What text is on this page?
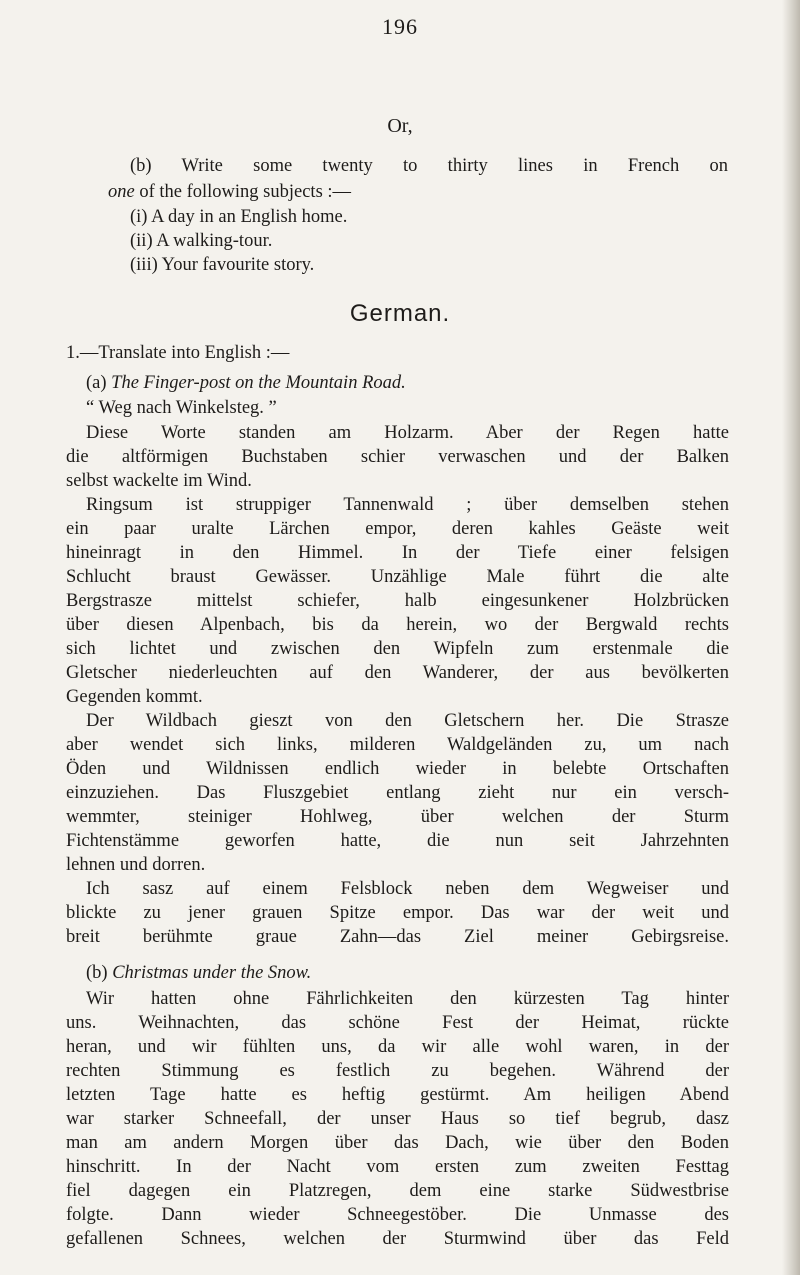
196
Or,
(b) Write some twenty to thirty lines in French on
one of the following subjects :—
(i) A day in an English home.
(ii) A walking-tour.
(iii) Your favourite story.
German.
1.—Translate into English :—
(a) The Finger-post on the Mountain Road.
“ Weg nach Winkelsteg. ”
Diese Worte standen am Holzarm. Aber der Regen hatte
die altförmigen Buchstaben schier verwaschen und der Balken
selbst wackelte im Wind.
Ringsum ist struppiger Tannenwald ; über demselben stehen
ein paar uralte Lärchen empor, deren kahles Geäste weit
hineinragt in den Himmel. In der Tiefe einer felsigen
Schlucht braust Gewässer. Unzählige Male führt die alte
Bergstrasze mittelst schiefer, halb eingesunkener Holzbrücken
über diesen Alpenbach, bis da herein, wo der Bergwald rechts
sich lichtet und zwischen den Wipfeln zum erstenmale die
Gletscher niederleuchten auf den Wanderer, der aus bevölkerten
Gegenden kommt.
Der Wildbach gieszt von den Gletschern her. Die Strasze
aber wendet sich links, milderen Waldgeländen zu, um nach
Öden und Wildnissen endlich wieder in belebte Ortschaften
einzuziehen. Das Fluszgebiet entlang zieht nur ein versch-
wemmter, steiniger Hohlweg, über welchen der Sturm
Fichtenstämme geworfen hatte, die nun seit Jahrzehnten
lehnen und dorren.
Ich sasz auf einem Felsblock neben dem Wegweiser und
blickte zu jener grauen Spitze empor. Das war der weit und
breit berühmte graue Zahn—das Ziel meiner Gebirgsreise.
(b) Christmas under the Snow.
Wir hatten ohne Fährlichkeiten den kürzesten Tag hinter
uns. Weihnachten, das schöne Fest der Heimat, rückte
heran, und wir fühlten uns, da wir alle wohl waren, in der
rechten Stimmung es festlich zu begehen. Während der
letzten Tage hatte es heftig gestürmt. Am heiligen Abend
war starker Schneefall, der unser Haus so tief begrub, dasz
man am andern Morgen über das Dach, wie über den Boden
hinschritt. In der Nacht vom ersten zum zweiten Festtag
fiel dagegen ein Platzregen, dem eine starke Südwestbrise
folgte. Dann wieder Schneegestöber. Die Unmasse des
gefallenen Schnees, welchen der Sturmwind über das Feld
